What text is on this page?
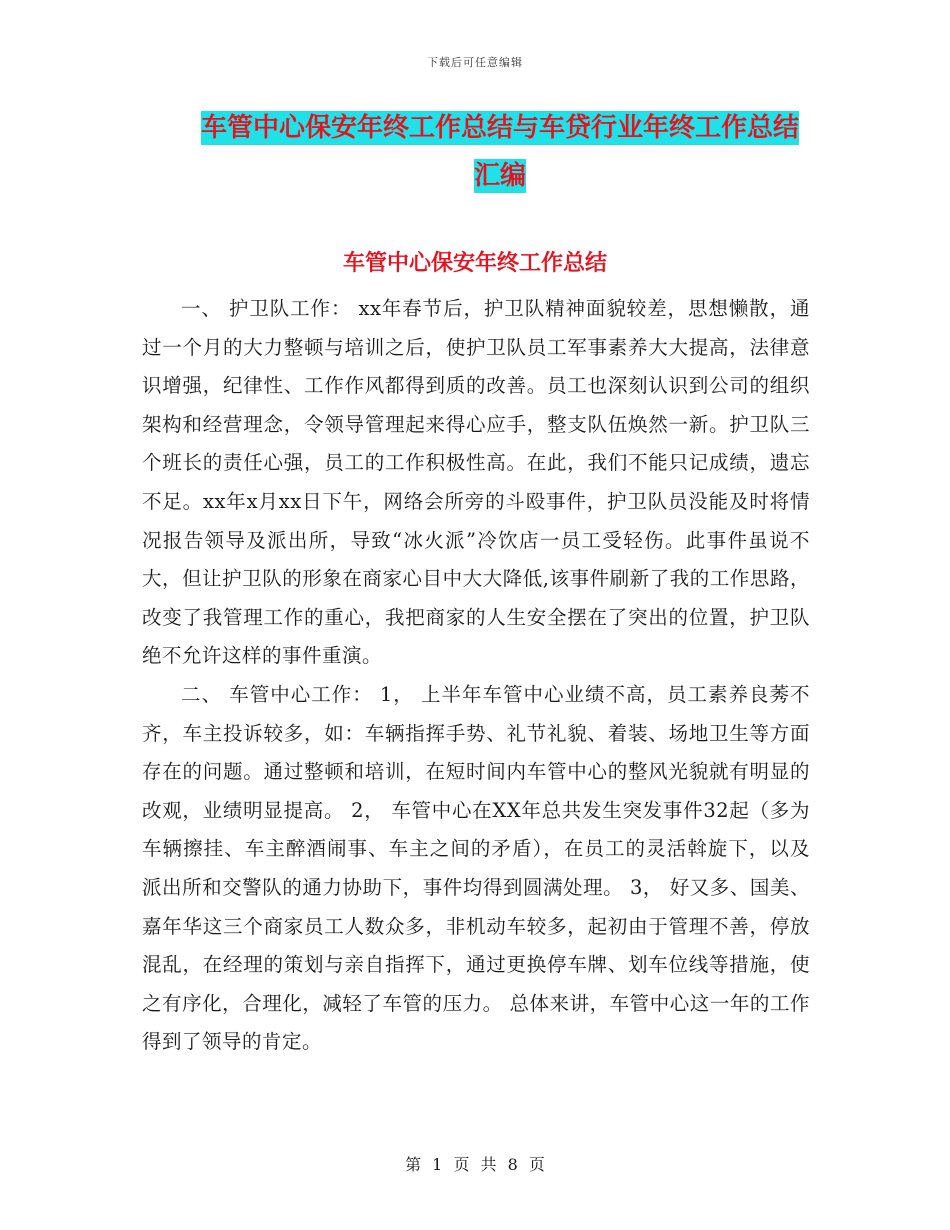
下载后可任意编辑
车管中心保安年终工作总结与车贷行业年终工作总结
汇编
车管中心保安年终工作总结

一、 护卫队工作： xx年春节后，护卫队精神面貌较差，思想懒散，通过一个月的大力整顿与培训之后，使护卫队员工军事素养大大提高，法律意识增强，纪律性、工作作风都得到质的改善。员工也深刻认识到公司的组织架构和经营理念，令领导管理起来得心应手，整支队伍焕然一新。护卫队三个班长的责任心强，员工的工作积极性高。在此，我们不能只记成绩，遗忘不足。xx年x月xx日下午，网络会所旁的斗殴事件，护卫队员没能及时将情况报告领导及派出所，导致“冰火派”冷饮店一员工受轻伤。此事件虽说不大，但让护卫队的形象在商家心目中大大降低,该事件刷新了我的工作思路，改变了我管理工作的重心，我把商家的人生安全摆在了突出的位置，护卫队绝不允许这样的事件重演。

二、 车管中心工作： 1， 上半年车管中心业绩不高，员工素养良莠不齐，车主投诉较多，如：车辆指挥手势、礼节礼貌、着装、场地卫生等方面存在的问题。通过整顿和培训，在短时间内车管中心的整风光貌就有明显的改观，业绩明显提高。 2， 车管中心在XX年总共发生突发事件32起（多为车辆擦挂、车主醉酒闹事、车主之间的矛盾），在员工的灵活斡旋下，以及派出所和交警队的通力协助下，事件均得到圆满处理。 3， 好又多、国美、嘉年华这三个商家员工人数众多，非机动车较多，起初由于管理不善，停放混乱，在经理的策划与亲自指挥下，通过更换停车牌、划车位线等措施，使之有序化，合理化，减轻了车管的压力。 总体来讲，车管中心这一年的工作得到了领导的肯定。

第 1 页 共 8 页
